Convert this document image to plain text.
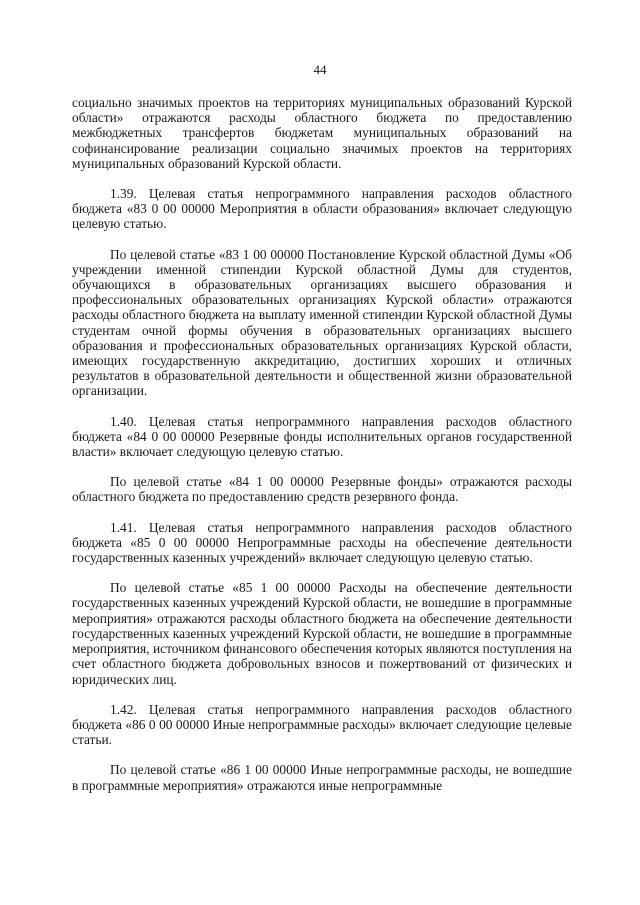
44

социально значимых проектов на территориях муниципальных образований Курской области» отражаются расходы областного бюджета по предоставлению межбюджетных трансфертов бюджетам муниципальных образований на софинансирование реализации социально значимых проектов на территориях муниципальных образований Курской области.

1.39. Целевая статья непрограммного направления расходов областного бюджета «83 0 00 00000 Мероприятия в области образования» включает следующую целевую статью.

По целевой статье «83 1 00 00000 Постановление Курской областной Думы «Об учреждении именной стипендии Курской областной Думы для студентов, обучающихся в образовательных организациях высшего образования и профессиональных образовательных организациях Курской области» отражаются расходы областного бюджета на выплату именной стипендии Курской областной Думы студентам очной формы обучения в образовательных организациях высшего образования и профессиональных образовательных организациях Курской области, имеющих государственную аккредитацию, достигших хороших и отличных результатов в образовательной деятельности и общественной жизни образовательной организации.

1.40. Целевая статья непрограммного направления расходов областного бюджета «84 0 00 00000 Резервные фонды исполнительных органов государственной власти» включает следующую целевую статью.

По целевой статье «84 1 00 00000 Резервные фонды» отражаются расходы областного бюджета по предоставлению средств резервного фонда.

1.41. Целевая статья непрограммного направления расходов областного бюджета «85 0 00 00000 Непрограммные расходы на обеспечение деятельности государственных казенных учреждений» включает следующую целевую статью.

По целевой статье «85 1 00 00000 Расходы на обеспечение деятельности государственных казенных учреждений Курской области, не вошедшие в программные мероприятия» отражаются расходы областного бюджета на обеспечение деятельности государственных казенных учреждений Курской области, не вошедшие в программные мероприятия, источником финансового обеспечения которых являются поступления на счет областного бюджета добровольных взносов и пожертвований от физических и юридических лиц.

1.42. Целевая статья непрограммного направления расходов областного бюджета «86 0 00 00000 Иные непрограммные расходы» включает следующие целевые статьи.

По целевой статье «86 1 00 00000 Иные непрограммные расходы, не вошедшие в программные мероприятия» отражаются иные непрограммные
